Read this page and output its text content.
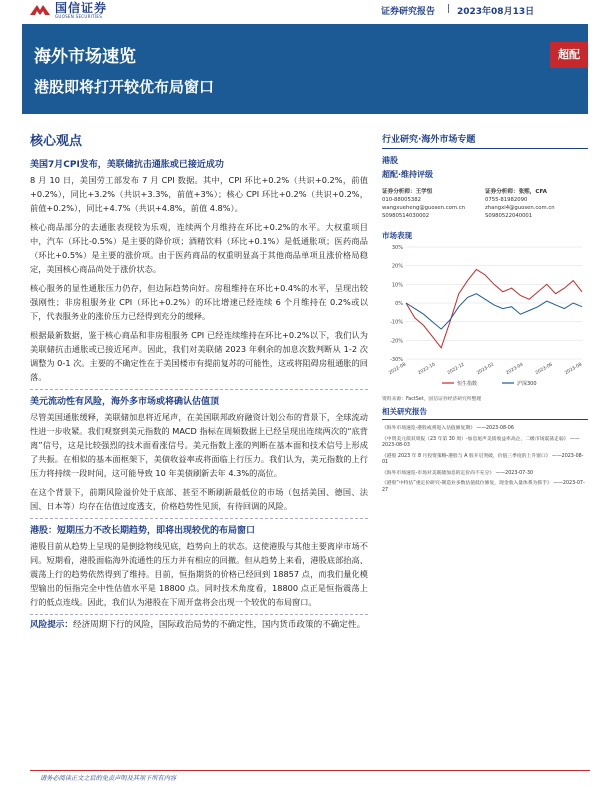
国信证券
GUOSEN SECURITIES	证券研究报告 | 2023年08月13日
海外市场速览
港股即将打开较优布局窗口
超配
核心观点
美国7月CPI发布，美联储抗击通胀或已接近成功

8 月 10 日，美国劳工部发布 7 月 CPI 数据。其中，CPI 环比+0.2%（共识+0.2%，前值+0.2%），同比+3.2%（共识+3.3%，前值+3%）；核心 CPI 环比+0.2%（共识+0.2%，前值+0.2%），同比+4.7%（共识+4.8%，前值 4.8%）。

核心商品部分的去通胀表现较为乐观，连续两个月维持在环比+0.2%的水平。大权重项目中，汽车（环比-0.5%）是主要的降价项；酒精饮料（环比+0.1%）是低通胀项；医药商品（环比+0.5%）是主要的涨价项。由于医药商品的权重明显高于其他商品单项且涨价格局稳定，美国核心商品尚处于涨价状态。

核心服务的显性通胀压力仍存，但边际趋势向好。房租维持在环比+0.4%的水平，呈现出较强刚性；非房租服务业 CPI（环比+0.2%）的环比增速已经连续 6 个月维持在 0.2%或以下，代表服务业的涨价压力已经得到充分的缓释。

根据最新数据，鉴于核心商品和非房租服务 CPI 已经连续维持在环比+0.2%以下，我们认为美联储抗击通胀或已接近尾声。因此，我们对美联储 2023 年剩余的加息次数判断从 1-2 次调整为 0-1 次。主要的不确定性在于美国楼市有提前复苏的可能性，这或将阻碍房租通胀的回落。

美元流动性有风险，海外多市场或将确认估值顶

尽管美国通胀缓释，美联储加息将近尾声，在美国联邦政府融资计划公布的背景下，全球流动性进一步收紧。我们观察到美元指数的 MACD 指标在周频数据上已经呈现出连续两次的“底背离”信号，这是比较强烈的技术面看涨信号。美元指数上涨的判断在基本面和技术信号上形成了共振。在相似的基本面框架下，美债收益率或将面临上行压力。我们认为，美元指数的上行压力将持续一段时间，这可能导致 10 年美债刷新去年 4.3%的高位。

在这个背景下，前期风险溢价处于底部、甚至不断刷新最低位的市场（包括美国、德国、法国、日本等）均存在估值过度透支，价格趋势性见顶，有待回调的风险。

港股：短期压力不改长期趋势，即将出现较优的布局窗口

港股目前从趋势上呈现的是倒捻物线见底，趋势向上的状态。这使港股与其他主要离岸市场不同。短期看，港股面临海外流通性的压力并有相应的回撤。但从趋势上来看，港股底部抬高、震荡上行的趋势依然得到了维持。目前，恒指期货的价格已经回到 18857 点，而我们量化模型输出的恒指完全中性估值水平是 18800 点。同时技术角度看，18800 点正是恒指震荡上行的低点连线。因此，我们认为港股在下周开盘将会出现一个较优的布局窗口。

风险提示：经济周期下行的风险，国际政治局势的不确定性，国内货币政策的不确定性。

行业研究·海外市场专题
港股
超配·维持评级
证券分析师：王学恒
010-88005382
wangxueheng@guosen.com.cn
S0980514030002
证券分析师：张熙，CFA
0755-81982090
zhangxi4@guosen.com.cn
S0980522040001
市场表现
30%
20%
10%
0%
-10%
-20%
-30%
2022-08 2022-10 2022-12 2023-02 2023-04 2023-06 2023-08
恒生指数	沪深300
资料来源：FactSet，国信证券经济研究所整理
相关研究报告
《海外市场速览-港股或将进入估值修复期》 ——2023-08-06
《中资美元债双周报（23 年第 30 周）-加息尾声美债收益率高企，二级市场震荡走弱》 ——2023-08-03
《港股 2023 年 8 月投资策略-港股与 A 股开启突破，价值三季度的上升窗口》 ——2023-08-01
《海外市场速览-市场对美联储加息的定价尚不充分》 ——2023-07-30
《港股“中特估”重定价研究-制造业多数估值低位修复，现金收入量体系为抓手》 ——2023-07-27
请务必阅读正文之后的免责声明及其项下所有内容
